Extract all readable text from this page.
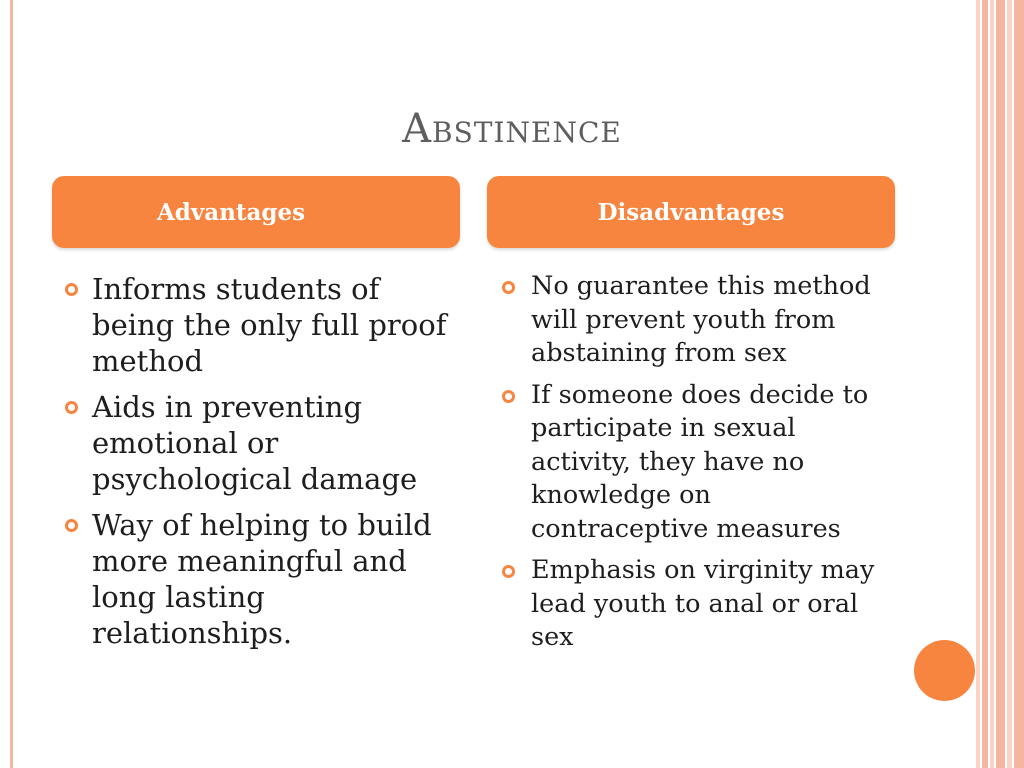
Abstinence
Advantages	Disadvantages
Informs students of being the only full proof method
Aids in preventing emotional or psychological damage
Way of helping to build more meaningful and long lasting relationships.
No guarantee this method will prevent youth from abstaining from sex
If someone does decide to participate in sexual activity, they have no knowledge on contraceptive measures
Emphasis on virginity may lead youth to anal or oral sex
